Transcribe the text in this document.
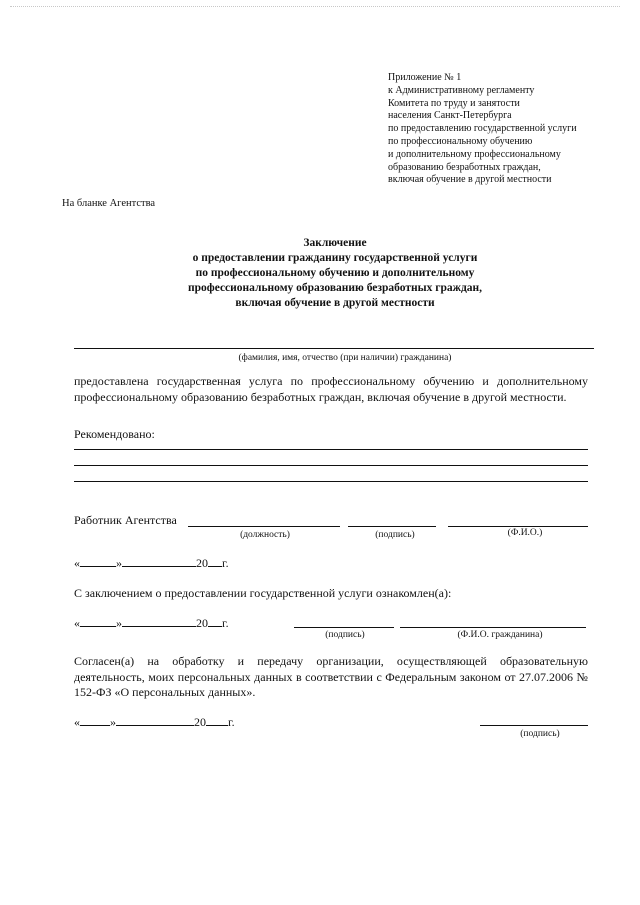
Приложение № 1
к Административному регламенту
Комитета по труду и занятости
населения Санкт-Петербурга
по предоставлению государственной услуги
по профессиональному обучению
и дополнительному профессиональному
образованию безработных граждан,
включая обучение в другой местности
На бланке Агентства
Заключение
о предоставлении гражданину государственной услуги
по профессиональному обучению и дополнительному
профессиональному образованию безработных граждан,
включая обучение в другой местности
(фамилия, имя, отчество (при наличии) гражданина)
предоставлена государственная услуга по профессиональному обучению и дополнительному профессиональному образованию безработных граждан, включая обучение в другой местности.
Рекомендовано:
Работник Агентства
(должность)	(подпись)	(Ф.И.О.)
«	»	20 г.
С заключением о предоставлении государственной услуги ознакомлен(а):
«	»	20 г.
(подпись)	(Ф.И.О. гражданина)
Согласен(а) на обработку и передачу организации, осуществляющей образовательную деятельность, моих персональных данных в соответствии с Федеральным законом от 27.07.2006 № 152-ФЗ «О персональных данных».
«	»	20 г.
(подпись)
